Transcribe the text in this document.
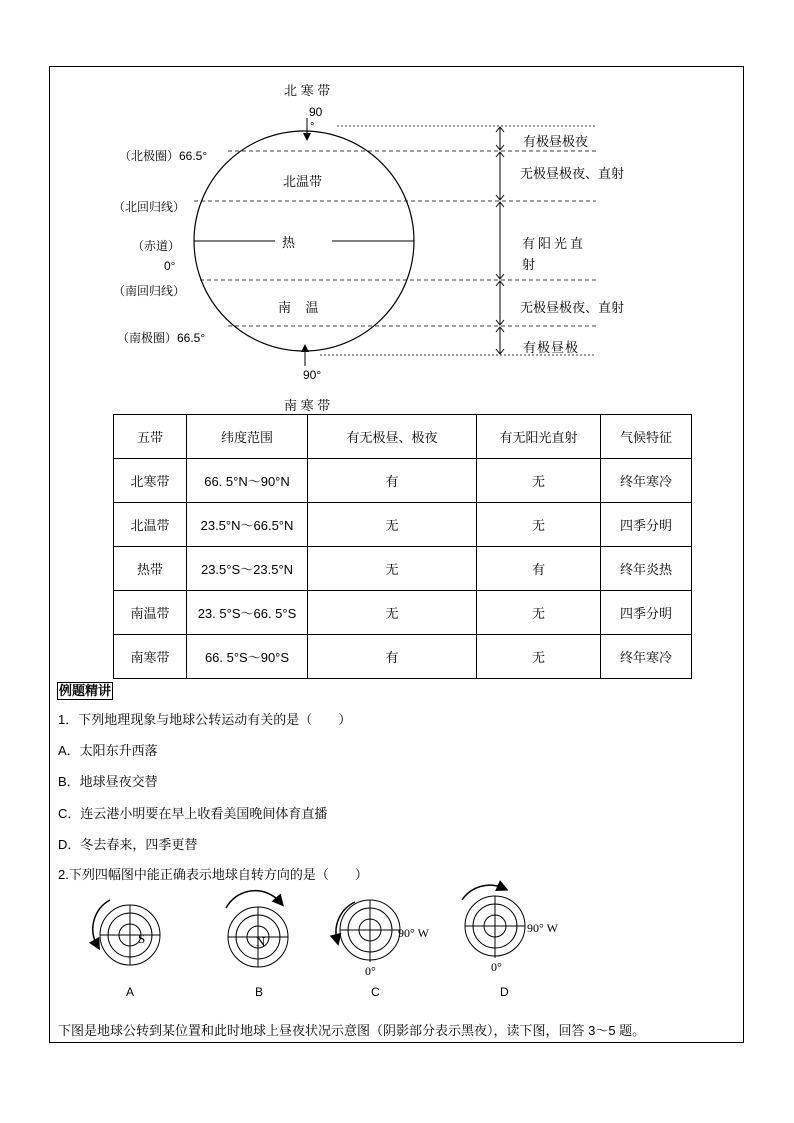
北 寒 带
90
°
（北极圈）66.5°
（北回归线）
（赤道）
0°
（南回归线）
（南极圈）66.5°
北温带
热
南    温
90°
南 寒 带
有极昼极夜
无极昼极夜、直射
有阳光直
射
无极昼极夜、直射
有极昼极
五带	纬度范围	有无极昼、极夜	有无阳光直射	气候特征
北寒带	66. 5°N～90°N	有	无	终年寒冷
北温带	23.5°N～66.5°N	无	无	四季分明
热带	23.5°S～23.5°N	无	有	终年炎热
南温带	23. 5°S～66. 5°S	无	无	四季分明
南寒带	66. 5°S～90°S	有	无	终年寒冷
例题精讲
1．下列地理现象与地球公转运动有关的是（　　）
A．太阳东升西落
B．地球昼夜交替
C．连云港小明要在早上收看美国晚间体育直播
D．冬去春来，四季更替
2.下列四幅图中能正确表示地球自转方向的是（　　）
S	N
90° W
0°
90° W
0°
A	B	C	D
下图是地球公转到某位置和此时地球上昼夜状况示意图（阴影部分表示黑夜），读下图，回答 3～5 题。
